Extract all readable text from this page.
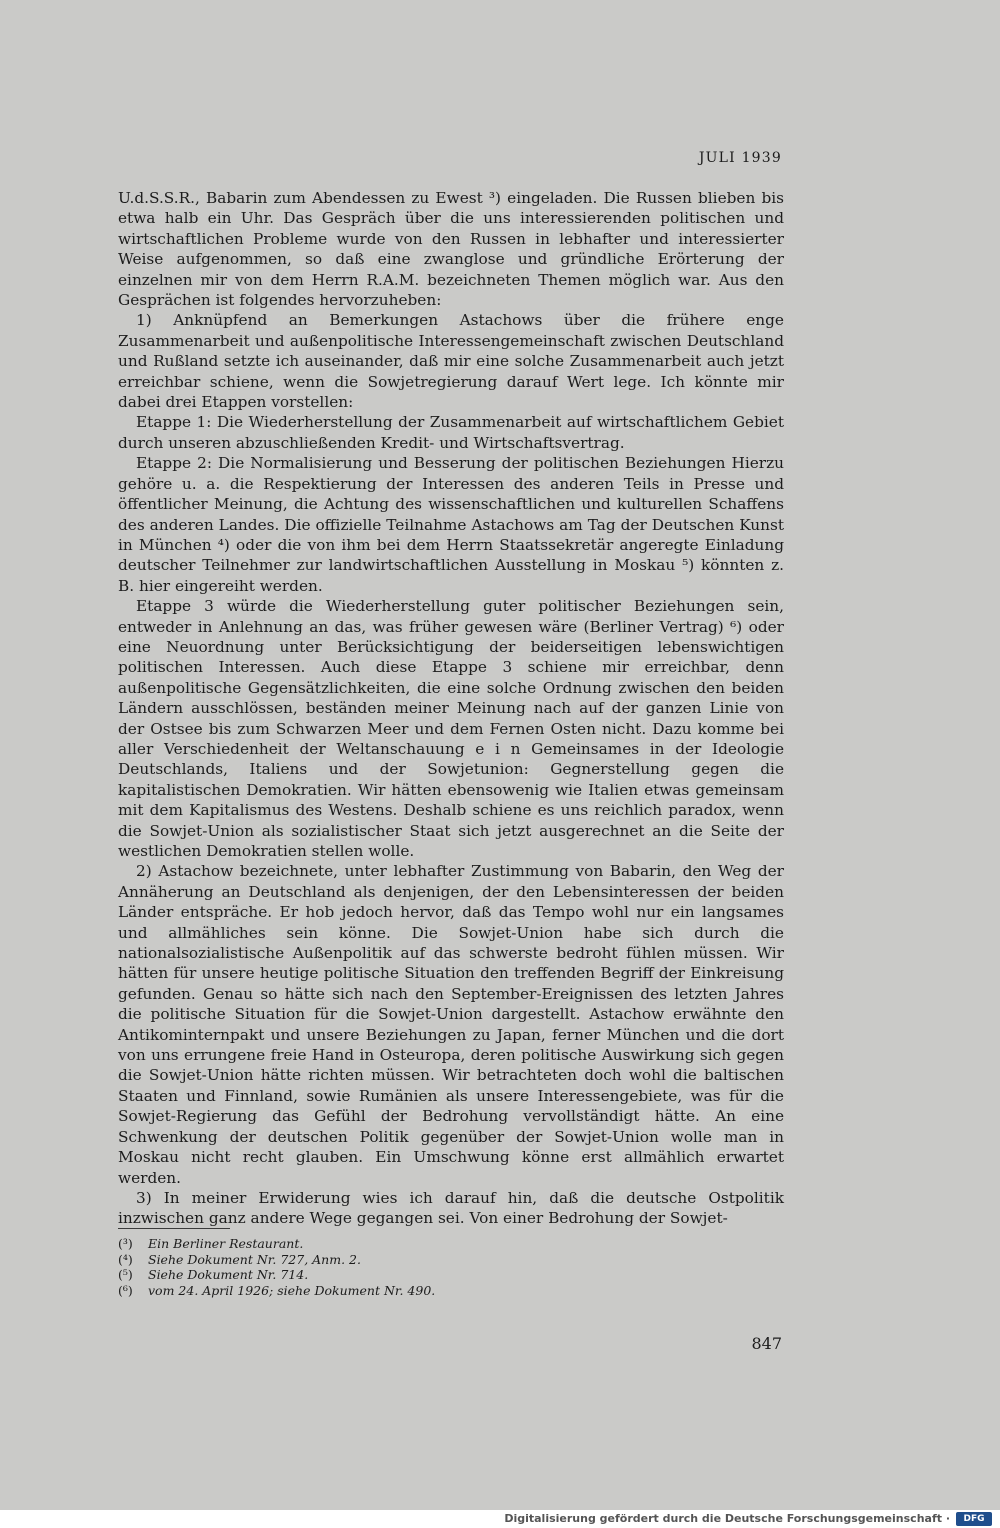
JULI 1939

U.d.S.S.R., Babarin zum Abendessen zu Ewest ³) eingeladen. Die Russen blieben bis etwa halb ein Uhr. Das Gespräch über die uns interessierenden politischen und wirtschaftlichen Probleme wurde von den Russen in lebhafter und interessierter Weise aufgenommen, so daß eine zwanglose und gründliche Erörterung der einzelnen mir von dem Herrn R.A.M. bezeichneten Themen möglich war. Aus den Gesprächen ist folgendes hervorzuheben:

1) Anknüpfend an Bemerkungen Astachows über die frühere enge Zusammenarbeit und außenpolitische Interessengemeinschaft zwischen Deutschland und Rußland setzte ich auseinander, daß mir eine solche Zusammenarbeit auch jetzt erreichbar schiene, wenn die Sowjetregierung darauf Wert lege. Ich könnte mir dabei drei Etappen vorstellen:

Etappe 1: Die Wiederherstellung der Zusammenarbeit auf wirtschaftlichem Gebiet durch unseren abzuschließenden Kredit- und Wirtschaftsvertrag.

Etappe 2: Die Normalisierung und Besserung der politischen Beziehungen Hierzu gehöre u. a. die Respektierung der Interessen des anderen Teils in Presse und öffentlicher Meinung, die Achtung des wissenschaftlichen und kulturellen Schaffens des anderen Landes. Die offizielle Teilnahme Astachows am Tag der Deutschen Kunst in München ⁴) oder die von ihm bei dem Herrn Staatssekretär angeregte Einladung deutscher Teilnehmer zur landwirtschaftlichen Ausstellung in Moskau ⁵) könnten z. B. hier eingereiht werden.

Etappe 3 würde die Wiederherstellung guter politischer Beziehungen sein, entweder in Anlehnung an das, was früher gewesen wäre (Berliner Vertrag) ⁶) oder eine Neuordnung unter Berücksichtigung der beiderseitigen lebenswichtigen politischen Interessen. Auch diese Etappe 3 schiene mir erreichbar, denn außenpolitische Gegensätzlichkeiten, die eine solche Ordnung zwischen den beiden Ländern ausschlössen, beständen meiner Meinung nach auf der ganzen Linie von der Ostsee bis zum Schwarzen Meer und dem Fernen Osten nicht. Dazu komme bei aller Verschiedenheit der Weltanschauung e i n Gemeinsames in der Ideologie Deutschlands, Italiens und der Sowjetunion: Gegnerstellung gegen die kapitalistischen Demokratien. Wir hätten ebensowenig wie Italien etwas gemeinsam mit dem Kapitalismus des Westens. Deshalb schiene es uns reichlich paradox, wenn die Sowjet-Union als sozialistischer Staat sich jetzt ausgerechnet an die Seite der westlichen Demokratien stellen wolle.

2) Astachow bezeichnete, unter lebhafter Zustimmung von Babarin, den Weg der Annäherung an Deutschland als denjenigen, der den Lebensinteressen der beiden Länder entspräche. Er hob jedoch hervor, daß das Tempo wohl nur ein langsames und allmähliches sein könne. Die Sowjet-Union habe sich durch die nationalsozialistische Außenpolitik auf das schwerste bedroht fühlen müssen. Wir hätten für unsere heutige politische Situation den treffenden Begriff der Einkreisung gefunden. Genau so hätte sich nach den September-Ereignissen des letzten Jahres die politische Situation für die Sowjet-Union dargestellt. Astachow erwähnte den Antikominternpakt und unsere Beziehungen zu Japan, ferner München und die dort von uns errungene freie Hand in Osteuropa, deren politische Auswirkung sich gegen die Sowjet-Union hätte richten müssen. Wir betrachteten doch wohl die baltischen Staaten und Finnland, sowie Rumänien als unsere Interessengebiete, was für die Sowjet-Regierung das Gefühl der Bedrohung vervollständigt hätte. An eine Schwenkung der deutschen Politik gegenüber der Sowjet-Union wolle man in Moskau nicht recht glauben. Ein Umschwung könne erst allmählich erwartet werden.

3) In meiner Erwiderung wies ich darauf hin, daß die deutsche Ostpolitik inzwischen ganz andere Wege gegangen sei. Von einer Bedrohung der Sowjet-

(³)	Ein Berliner Restaurant.
(⁴)	Siehe Dokument Nr. 727, Anm. 2.
(⁵)	Siehe Dokument Nr. 714.
(⁶)	vom 24. April 1926; siehe Dokument Nr. 490.
847
Digitalisierung gefördert durch die Deutsche Forschungsgemeinschaft ·	DFG
